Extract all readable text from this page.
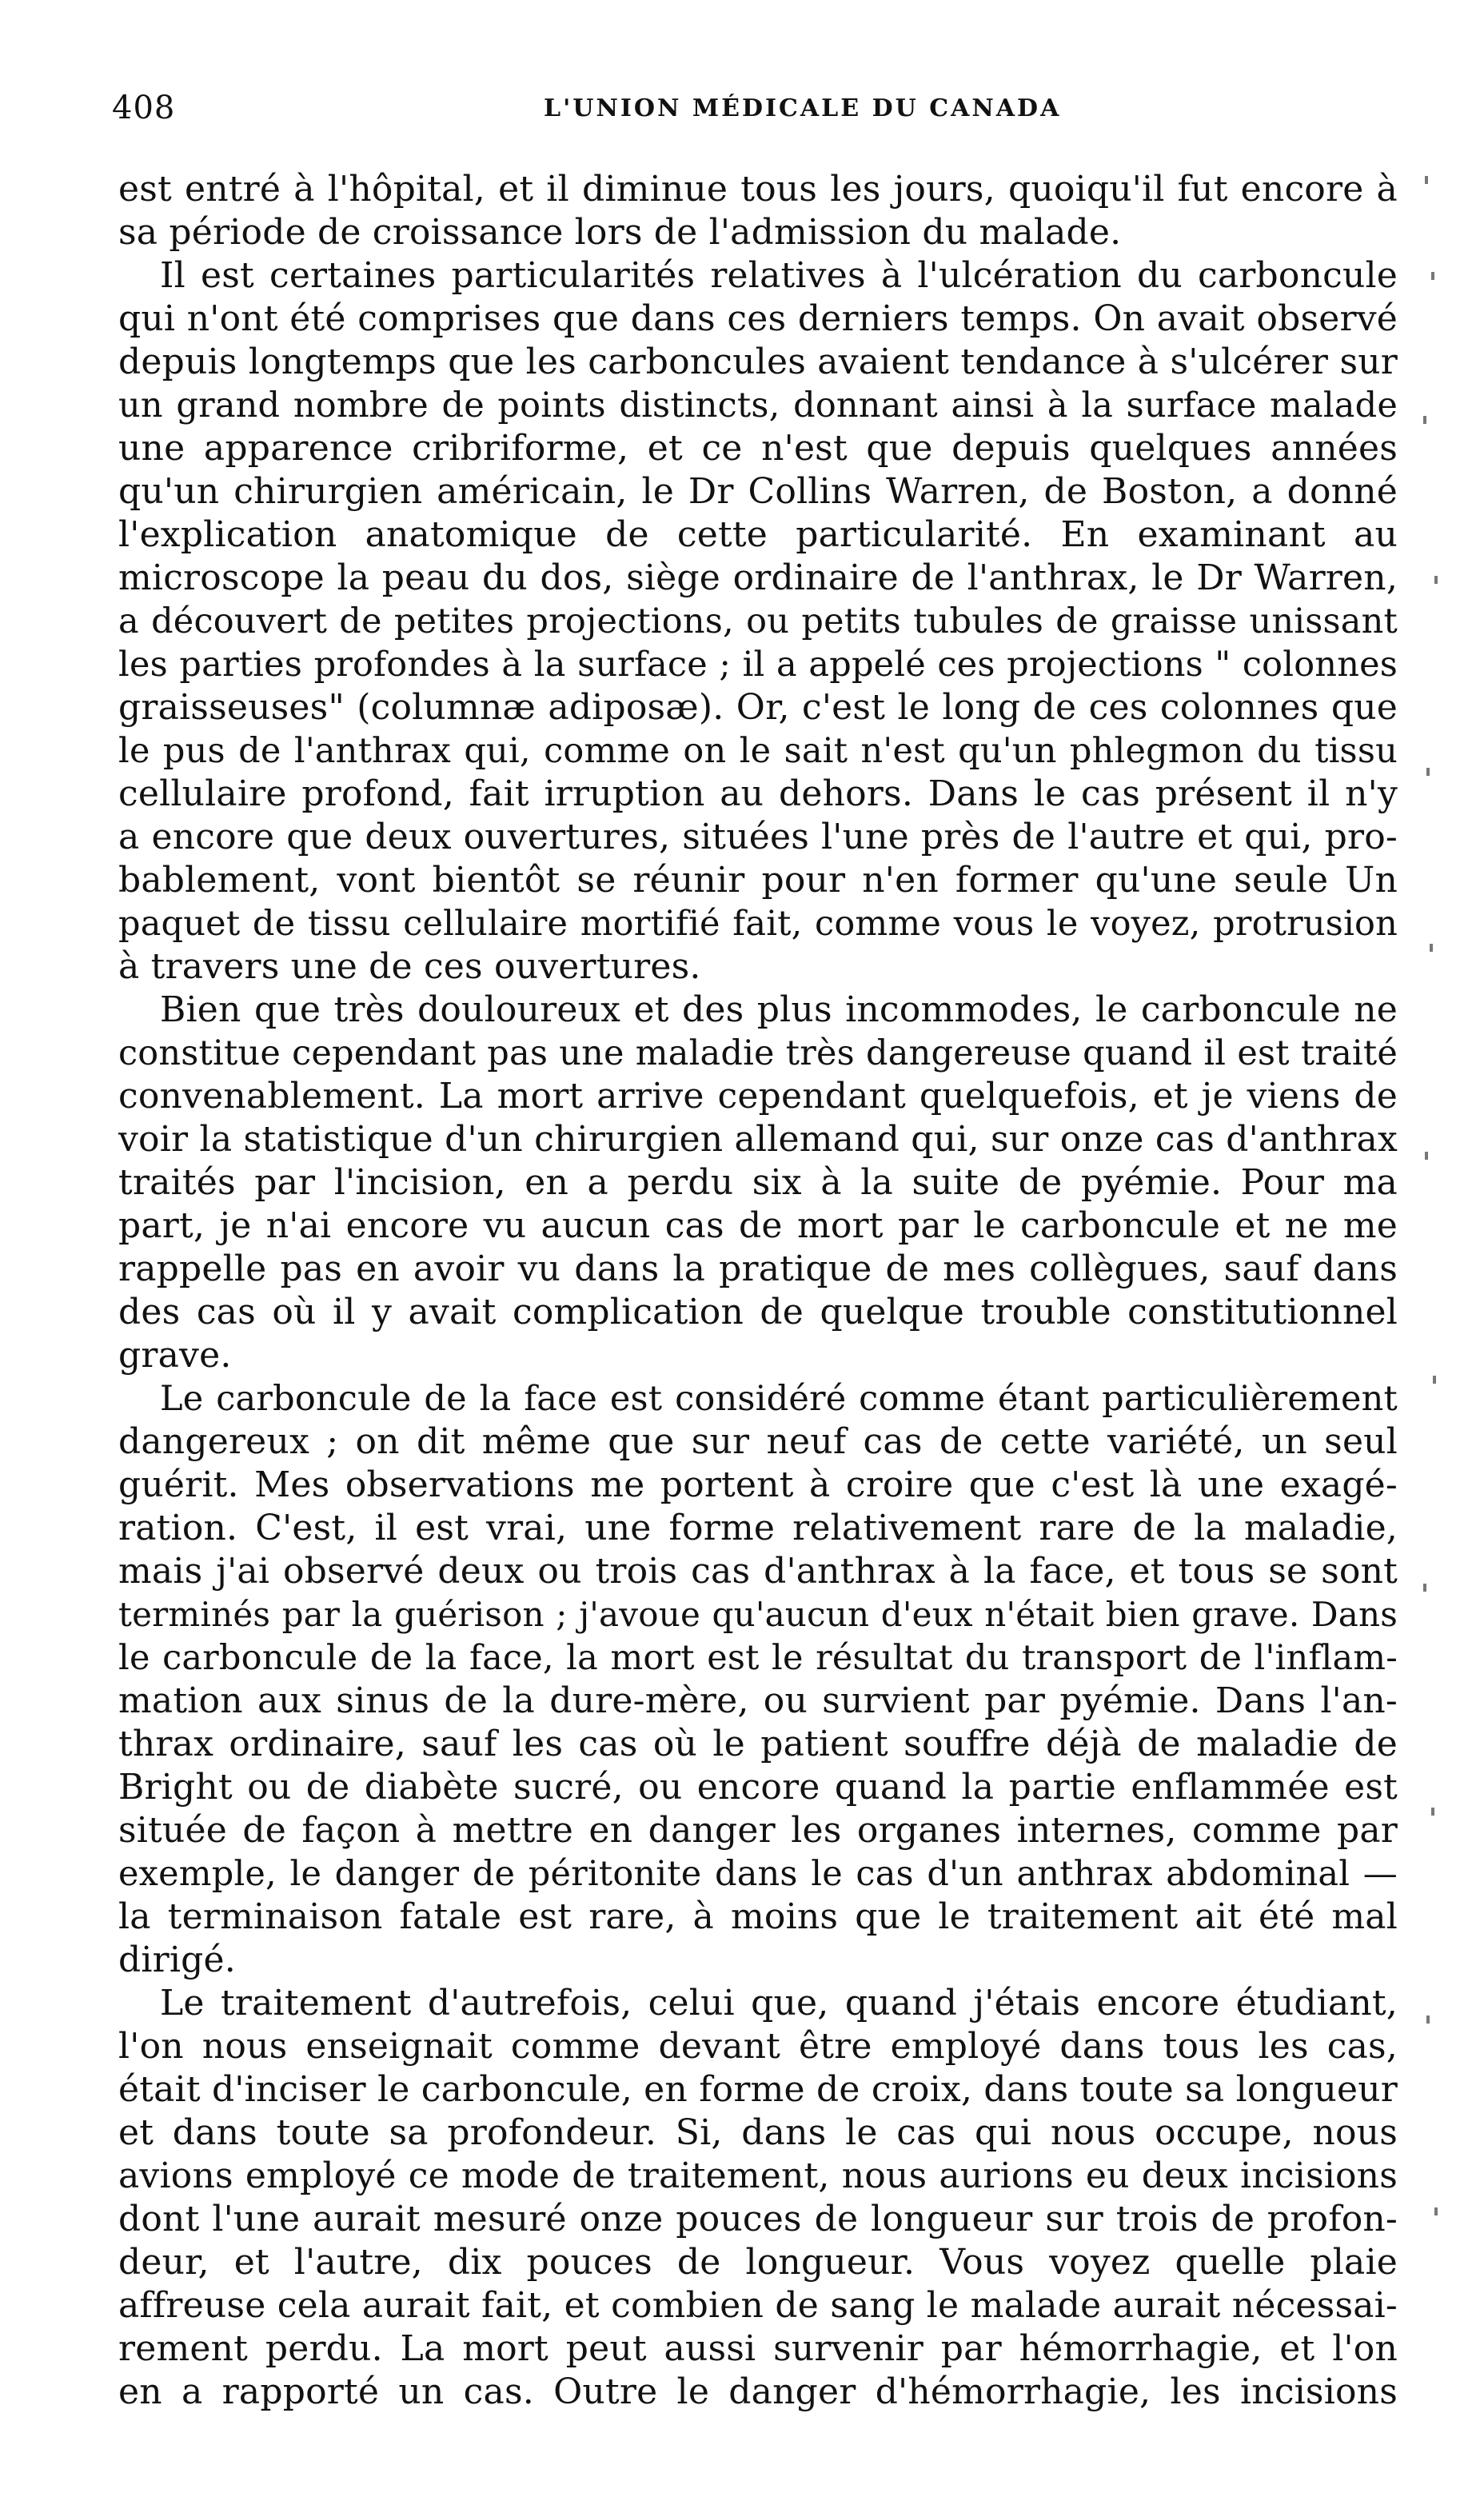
408	L'UNION MÉDICALE DU CANADA
est entré à l'hôpital, et il diminue tous les jours, quoiqu'il fut encore à
sa période de croissance lors de l'admission du malade.
Il est certaines particularités relatives à l'ulcération du carboncule
qui n'ont été comprises que dans ces derniers temps. On avait observé
depuis longtemps que les carboncules avaient tendance à s'ulcérer sur
un grand nombre de points distincts, donnant ainsi à la surface malade
une apparence cribriforme, et ce n'est que depuis quelques années
qu'un chirurgien américain, le Dr Collins Warren, de Boston, a donné
l'explication anatomique de cette particularité. En examinant au
microscope la peau du dos, siège ordinaire de l'anthrax, le Dr Warren,
a découvert de petites projections, ou petits tubules de graisse unissant
les parties profondes à la surface ; il a appelé ces projections " colonnes
graisseuses" (columnæ adiposæ). Or, c'est le long de ces colonnes que
le pus de l'anthrax qui, comme on le sait n'est qu'un phlegmon du tissu
cellulaire profond, fait irruption au dehors. Dans le cas présent il n'y
a encore que deux ouvertures, situées l'une près de l'autre et qui, pro-
bablement, vont bientôt se réunir pour n'en former qu'une seule Un
paquet de tissu cellulaire mortifié fait, comme vous le voyez, protrusion
à travers une de ces ouvertures.
Bien que très douloureux et des plus incommodes, le carboncule ne
constitue cependant pas une maladie très dangereuse quand il est traité
convenablement. La mort arrive cependant quelquefois, et je viens de
voir la statistique d'un chirurgien allemand qui, sur onze cas d'anthrax
traités par l'incision, en a perdu six à la suite de pyémie. Pour ma
part, je n'ai encore vu aucun cas de mort par le carboncule et ne me
rappelle pas en avoir vu dans la pratique de mes collègues, sauf dans
des cas où il y avait complication de quelque trouble constitutionnel
grave.
Le carboncule de la face est considéré comme étant particulièrement
dangereux ; on dit même que sur neuf cas de cette variété, un seul
guérit. Mes observations me portent à croire que c'est là une exagé-
ration. C'est, il est vrai, une forme relativement rare de la maladie,
mais j'ai observé deux ou trois cas d'anthrax à la face, et tous se sont
terminés par la guérison ; j'avoue qu'aucun d'eux n'était bien grave. Dans
le carboncule de la face, la mort est le résultat du transport de l'inflam-
mation aux sinus de la dure-mère, ou survient par pyémie. Dans l'an-
thrax ordinaire, sauf les cas où le patient souffre déjà de maladie de
Bright ou de diabète sucré, ou encore quand la partie enflammée est
située de façon à mettre en danger les organes internes, comme par
exemple, le danger de péritonite dans le cas d'un anthrax abdominal —
la terminaison fatale est rare, à moins que le traitement ait été mal
dirigé.
Le traitement d'autrefois, celui que, quand j'étais encore étudiant,
l'on nous enseignait comme devant être employé dans tous les cas,
était d'inciser le carboncule, en forme de croix, dans toute sa longueur
et dans toute sa profondeur. Si, dans le cas qui nous occupe, nous
avions employé ce mode de traitement, nous aurions eu deux incisions
dont l'une aurait mesuré onze pouces de longueur sur trois de profon-
deur, et l'autre, dix pouces de longueur. Vous voyez quelle plaie
affreuse cela aurait fait, et combien de sang le malade aurait nécessai-
rement perdu. La mort peut aussi survenir par hémorrhagie, et l'on
en a rapporté un cas. Outre le danger d'hémorrhagie, les incisions
